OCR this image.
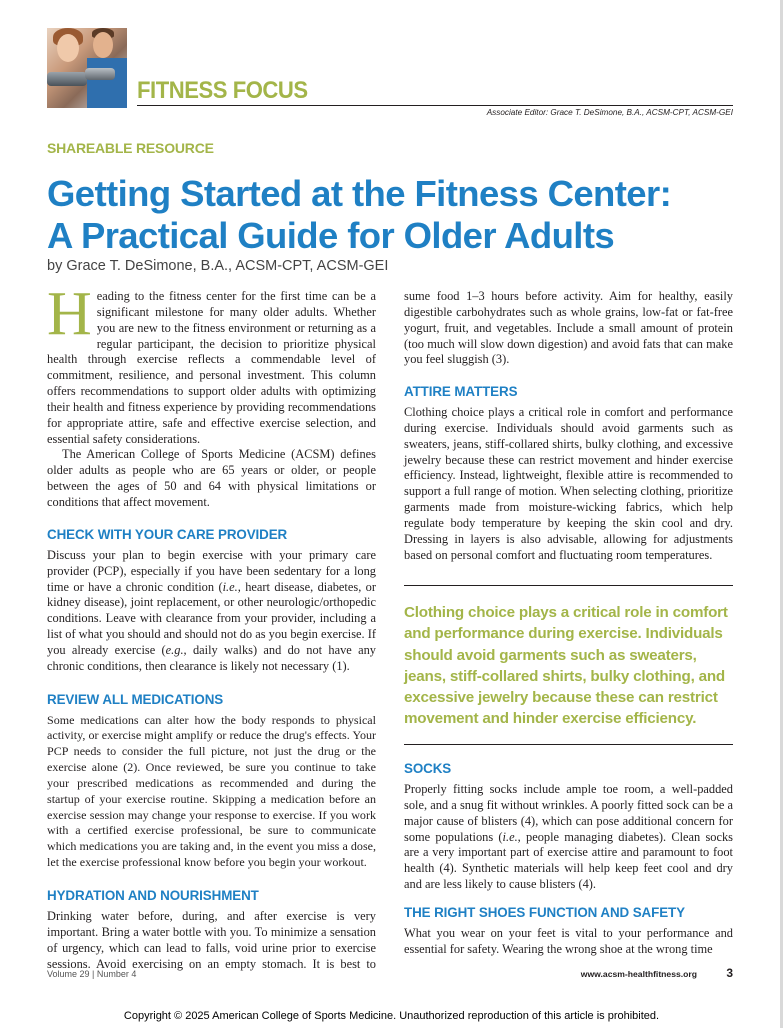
FITNESS FOCUS

Associate Editor: Grace T. DeSimone, B.A., ACSM-CPT, ACSM-GEI

SHAREABLE RESOURCE

Getting Started at the Fitness Center:
A Practical Guide for Older Adults

by Grace T. DeSimone, B.A., ACSM-CPT, ACSM-GEI

Heading to the fitness center for the first time can be a significant milestone for many older adults. Whether you are new to the fitness environment or returning as a regular participant, the decision to prioritize physical health through exercise reflects a commendable level of commitment, resilience, and personal investment. This column offers recommendations to support older adults with optimizing their health and fitness experience by providing recommendations for appropriate attire, safe and effective exercise selection, and essential safety considerations.

The American College of Sports Medicine (ACSM) defines older adults as people who are 65 years or older, or people between the ages of 50 and 64 with physical limitations or conditions that affect movement.

CHECK WITH YOUR CARE PROVIDER

Discuss your plan to begin exercise with your primary care provider (PCP), especially if you have been sedentary for a long time or have a chronic condition (i.e., heart disease, diabetes, or kidney disease), joint replacement, or other neurologic/orthopedic conditions. Leave with clearance from your provider, including a list of what you should and should not do as you begin exercise. If you already exercise (e.g., daily walks) and do not have any chronic conditions, then clearance is likely not necessary (1).

REVIEW ALL MEDICATIONS

Some medications can alter how the body responds to physical activity, or exercise might amplify or reduce the drug's effects. Your PCP needs to consider the full picture, not just the drug or the exercise alone (2). Once reviewed, be sure you continue to take your prescribed medications as recommended and during the startup of your exercise routine. Skipping a medication before an exercise session may change your response to exercise. If you work with a certified exercise professional, be sure to communicate which medications you are taking and, in the event you miss a dose, let the exercise professional know before you begin your workout.

HYDRATION AND NOURISHMENT

Drinking water before, during, and after exercise is very important. Bring a water bottle with you. To minimize a sensation of urgency, which can lead to falls, void urine prior to exercise sessions. Avoid exercising on an empty stomach. It is best to

sume food 1–3 hours before activity. Aim for healthy, easily digestible carbohydrates such as whole grains, low-fat or fat-free yogurt, fruit, and vegetables. Include a small amount of protein (too much will slow down digestion) and avoid fats that can make you feel sluggish (3).

ATTIRE MATTERS

Clothing choice plays a critical role in comfort and performance during exercise. Individuals should avoid garments such as sweaters, jeans, stiff-collared shirts, bulky clothing, and excessive jewelry because these can restrict movement and hinder exercise efficiency. Instead, lightweight, flexible attire is recommended to support a full range of motion. When selecting clothing, prioritize garments made from moisture-wicking fabrics, which help regulate body temperature by keeping the skin cool and dry. Dressing in layers is also advisable, allowing for adjustments based on personal comfort and fluctuating room temperatures.

Clothing choice plays a critical role in comfort and performance during exercise. Individuals should avoid garments such as sweaters, jeans, stiff-collared shirts, bulky clothing, and excessive jewelry because these can restrict movement and hinder exercise efficiency.

SOCKS

Properly fitting socks include ample toe room, a well-padded sole, and a snug fit without wrinkles. A poorly fitted sock can be a major cause of blisters (4), which can pose additional concern for some populations (i.e., people managing diabetes). Clean socks are a very important part of exercise attire and paramount to foot health (4). Synthetic materials will help keep feet cool and dry and are less likely to cause blisters (4).

THE RIGHT SHOES FUNCTION AND SAFETY

What you wear on your feet is vital to your performance and essential for safety. Wearing the wrong shoe at the wrong time

Volume 29 | Number 4	www.acsm-healthfitness.org 3

Copyright © 2025 American College of Sports Medicine. Unauthorized reproduction of this article is prohibited.
